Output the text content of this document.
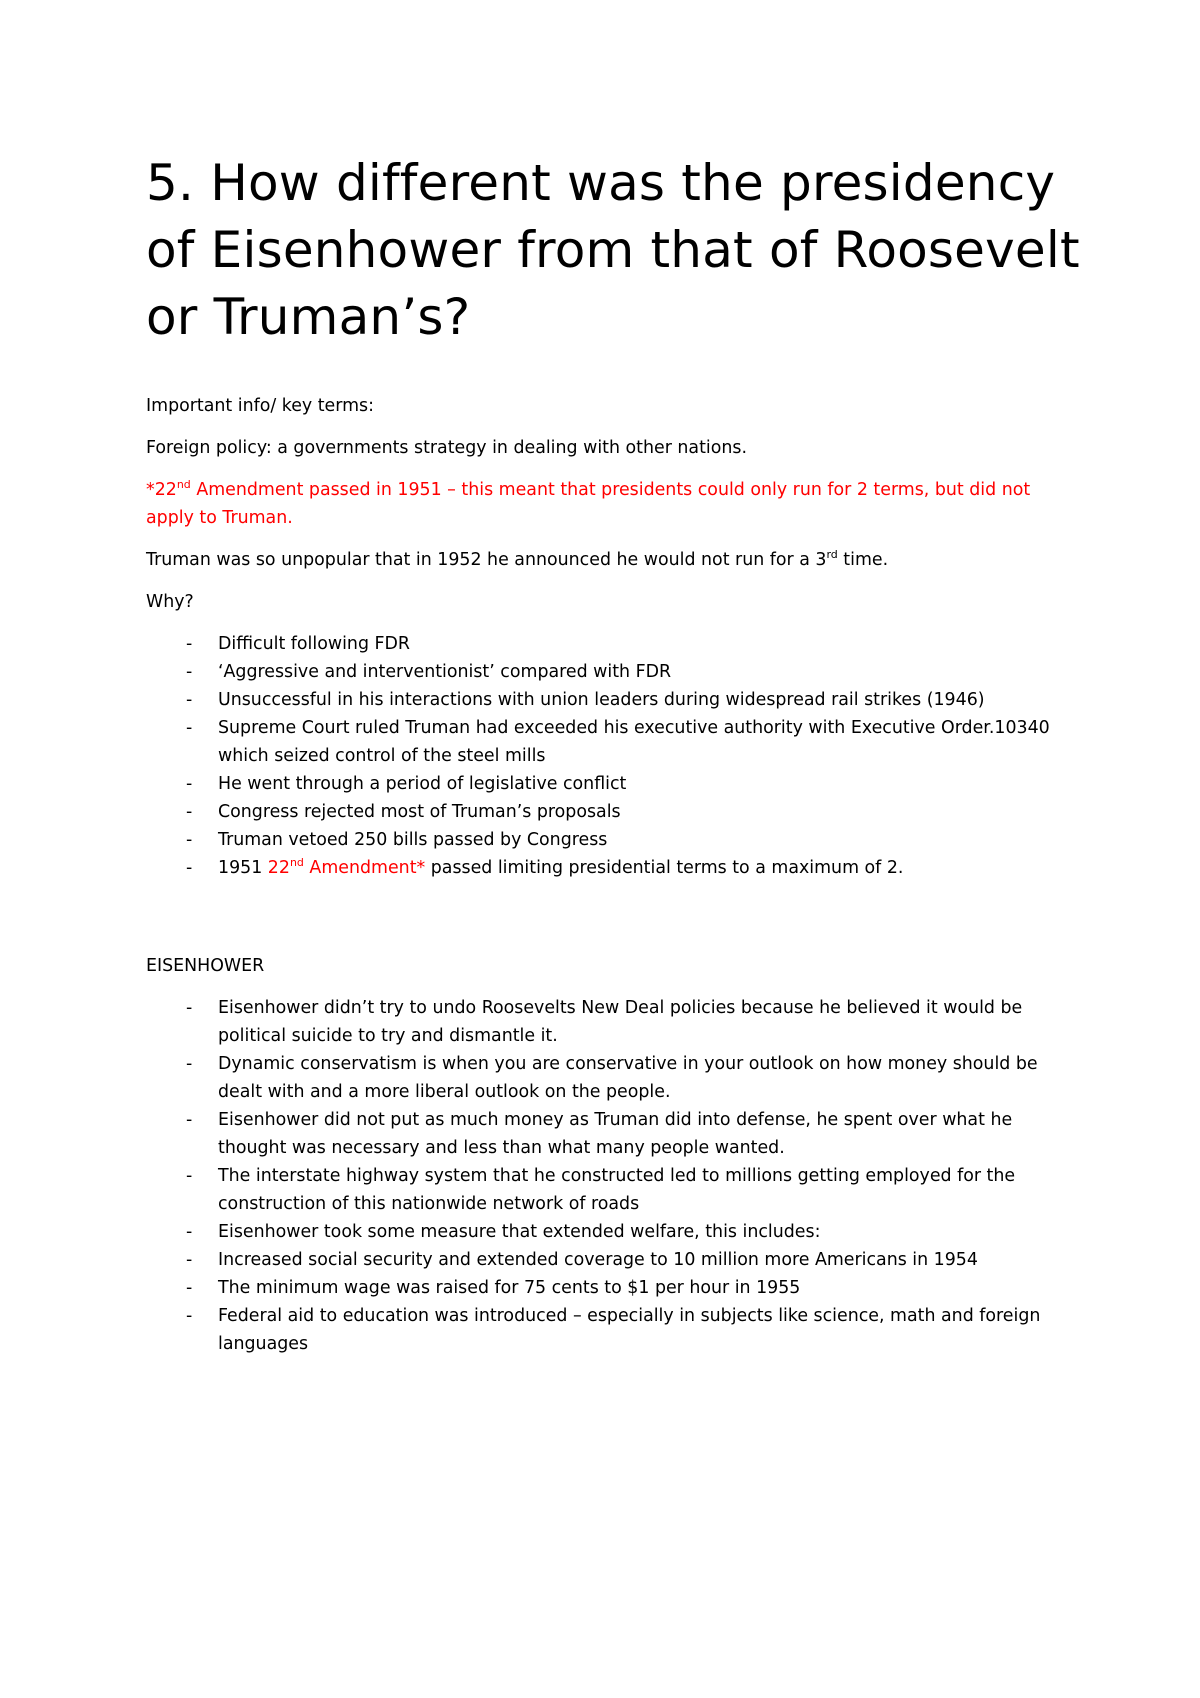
5. How different was the presidency of Eisenhower from that of Roosevelt or Truman’s?

Important info/ key terms:

Foreign policy: a governments strategy in dealing with other nations.

*22nd Amendment passed in 1951 – this meant that presidents could only run for 2 terms, but did not apply to Truman.

Truman was so unpopular that in 1952 he announced he would not run for a 3rd time.

Why?

- Difficult following FDR
- ‘Aggressive and interventionist’ compared with FDR
- Unsuccessful in his interactions with union leaders during widespread rail strikes (1946)
- Supreme Court ruled Truman had exceeded his executive authority with Executive Order.10340 which seized control of the steel mills
- He went through a period of legislative conflict
- Congress rejected most of Truman’s proposals
- Truman vetoed 250 bills passed by Congress
- 1951 22nd Amendment* passed limiting presidential terms to a maximum of 2.

EISENHOWER

- Eisenhower didn’t try to undo Roosevelts New Deal policies because he believed it would be political suicide to try and dismantle it.
- Dynamic conservatism is when you are conservative in your outlook on how money should be dealt with and a more liberal outlook on the people.
- Eisenhower did not put as much money as Truman did into defense, he spent over what he thought was necessary and less than what many people wanted.
- The interstate highway system that he constructed led to millions getting employed for the construction of this nationwide network of roads
- Eisenhower took some measure that extended welfare, this includes:
- Increased social security and extended coverage to 10 million more Americans in 1954
- The minimum wage was raised for 75 cents to $1 per hour in 1955
- Federal aid to education was introduced – especially in subjects like science, math and foreign languages
